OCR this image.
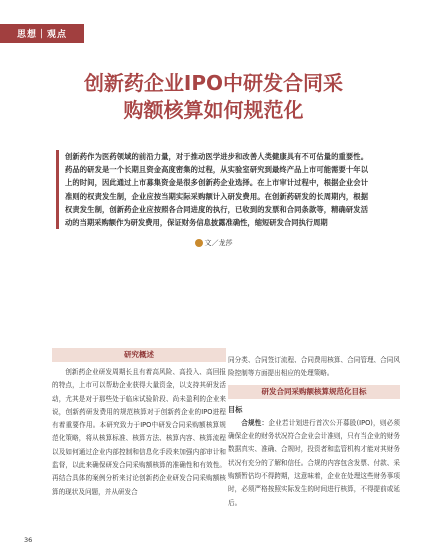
思想｜观点
创新药企业IPO中研发合同采
购额核算如何规范化
创新药作为医药领域的前沿力量，对于推动医学进步和改善人类健康具有不可估量的重要性。药品的研发是一个长期且资金高度密集的过程，从实验室研究到最终产品上市可能需要十年以上的时间，因此通过上市募集资金是很多创新药企业选择。在上市审计过程中，根据企业会计准则的权责发生制，企业应按当期实际采购额计入研发费用。在创新药研发的长周期内，根据权责发生制，创新药企业应按照各合同进度的执行，已收到的发票和合同条款等，精确研发活动的当期采购额作为研发费用，保证财务信息披露准确性，缩短研发合同执行周期
文／龙莎
研究概述

创新药企业研发周期长且有着高风险、高投入、高回报的特点，上市可以帮助企业获得大量资金，以支持其研发活动，尤其是对于那些处于临床试验阶段、尚未盈利的企业来说，创新药研发费用的规范核算对于创新药企业的IPO进程有着重要作用。本研究致力于IPO中研发合同采购额核算规范化策略，将从核算标准、核算方法、核算内容、核算流程以及如何通过企业内部控制和信息化手段来加强内部审计和监督，以此来确保研发合同采购额核算的准确性和有效性。再结合具体的案例分析来讨论创新药企业研发合同采购额核算的现状及问题，并从研发合

同分类、合同签订流程、合同费用核算、合同管理、合同风险控制等方面提出相应的处理策略。

研发合同采购额核算规范化目标
目标

合规性：企业若计划进行首次公开募股(IPO)，则必须确保企业的财务状况符合企业会计准则，只有当企业的财务数据真实、准确、合规时，投资者和监管机构才能对其财务状况有充分的了解和信任。合规的内容包含发票、付款、采购额暂估均不得跨期，这意味着，企业在处理这些财务事项时，必须严格按照实际发生的时间进行核算，不得提前或延后。

36
